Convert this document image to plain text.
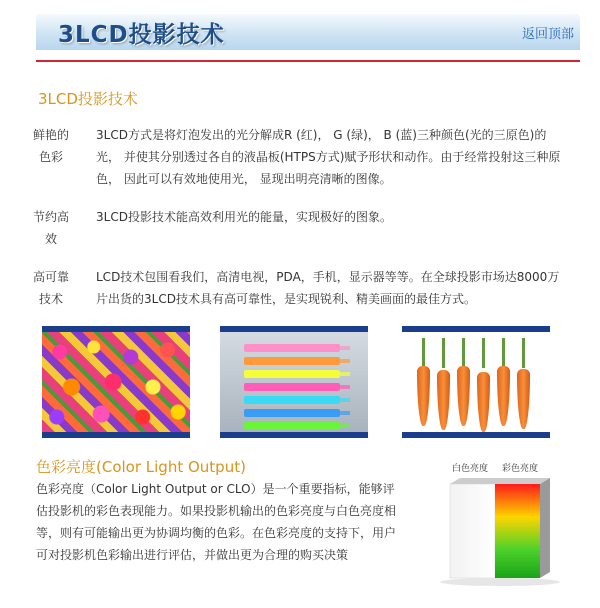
3LCD投影技术	返回顶部
3LCD投影技术
鲜艳的
色彩
3LCD方式是将灯泡发出的光分解成R (红)， G (绿)， B (蓝)三种颜色(光的三原色)的光， 并使其分别透过各自的液晶板(HTPS方式)赋予形状和动作。由于经常投射这三种原色， 因此可以有效地使用光， 显现出明亮清晰的图像。
节约高
效
3LCD投影技术能高效利用光的能量，实现极好的图象。
高可靠
技术
LCD技术包围看我们，高清电视，PDA，手机，显示器等等。在全球投影市场达8000万片出货的3LCD技术具有高可靠性，是实现锐利、精美画面的最佳方式。
色彩亮度(Color Light Output)
色彩亮度（Color Light Output or CLO）是一个重要指标，能够评估投影机的彩色表现能力。如果投影机输出的色彩亮度与白色亮度相等，则有可能输出更为协调均衡的色彩。在色彩亮度的支持下，用户可对投影机色彩输出进行评估，并做出更为合理的购买决策
白色亮度 彩色亮度
